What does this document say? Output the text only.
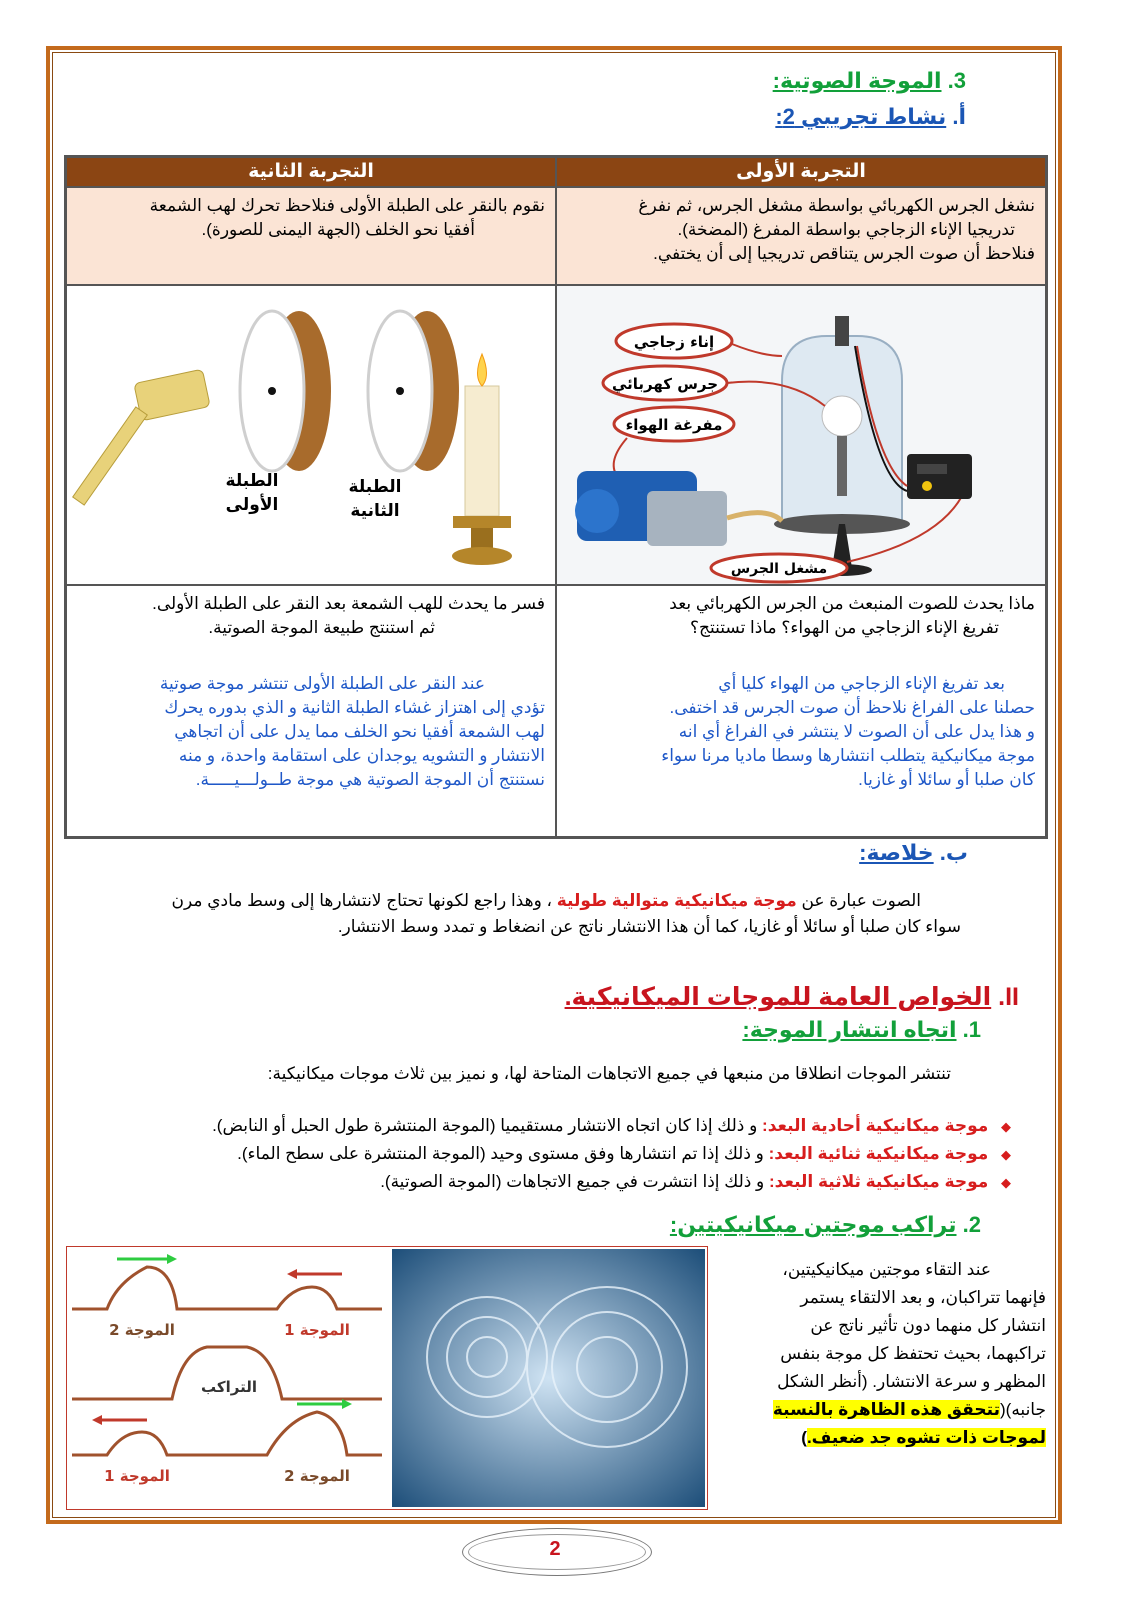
3. الموجة الصوتية:
أ. نشاط تجريبي 2:
التجربة الأولى
التجربة الثانية
نشغل الجرس الكهربائي بواسطة مشغل الجرس، ثم نفرغ
تدريجيا الإناء الزجاجي بواسطة المفرغ (المضخة).
فنلاحظ أن صوت الجرس يتناقص تدريجيا إلى أن يختفي.
نقوم بالنقر على الطبلة الأولى فنلاحظ تحرك لهب الشمعة
أفقيا نحو الخلف (الجهة اليمنى للصورة).
إناء زجاجي
جرس كهربائي
مفرغة الهواء
مشغل الجرس
الطبلة
الأولى
الطبلة
الثانية
ماذا يحدث للصوت المنبعث من الجرس الكهربائي بعد
تفريغ الإناء الزجاجي من الهواء؟ ماذا تستنتج؟
بعد تفريغ الإناء الزجاجي من الهواء كليا أي
حصلنا على الفراغ نلاحظ أن صوت الجرس قد اختفى.
و هذا يدل على أن الصوت لا ينتشر في الفراغ أي انه
موجة ميكانيكية يتطلب انتشارها وسطا ماديا مرنا سواء
كان صلبا أو سائلا أو غازيا.
فسر ما يحدث للهب الشمعة بعد النقر على الطبلة الأولى.
ثم استنتج طبيعة الموجة الصوتية.
عند النقر على الطبلة الأولى تنتشر موجة صوتية
تؤدي إلى اهتزاز غشاء الطبلة الثانية و الذي بدوره يحرك
لهب الشمعة أفقيا نحو الخلف مما يدل على أن اتجاهي
الانتشار و التشويه يوجدان على استقامة واحدة، و منه
نستنتج أن الموجة الصوتية هي موجة طــولـــيـــــة.
ب. خلاصة:
الصوت عبارة عن موجة ميكانيكية متوالية طولية ، وهذا راجع لكونها تحتاج لانتشارها إلى وسط مادي مرن
سواء كان صلبا أو سائلا أو غازيا، كما أن هذا الانتشار ناتج عن انضغاط و تمدد وسط الانتشار.
II. الخواص العامة للموجات الميكانيكية.
1. اتجاه انتشار الموجة:
تنتشر الموجات انطلاقا من منبعها في جميع الاتجاهات المتاحة لها، و نميز بين ثلاث موجات ميكانيكية:
◆ موجة ميكانيكية أحادية البعد: و ذلك إذا كان اتجاه الانتشار مستقيميا (الموجة المنتشرة طول الحبل أو النابض).
◆ موجة ميكانيكية ثنائية البعد: و ذلك إذا تم انتشارها وفق مستوى وحيد (الموجة المنتشرة على سطح الماء).
◆ موجة ميكانيكية ثلاثية البعد: و ذلك إذا انتشرت في جميع الاتجاهات (الموجة الصوتية).
2. تراكب موجتين ميكانيكيتين:
الموجة 2	الموجة 1
التراكب
الموجة 1	الموجة 2
عند التقاء موجتين ميكانيكيتين،
فإنهما تتراكبان، و بعد الالتقاء يستمر
انتشار كل منهما دون تأثير ناتج عن
تراكبهما، بحيث تحتفظ كل موجة بنفس
المظهر و سرعة الانتشار. (أنظر الشكل
جانبه)(تتحقق هذه الظاهرة بالنسبة
لموجات ذات تشوه جد ضعيف.)
2
